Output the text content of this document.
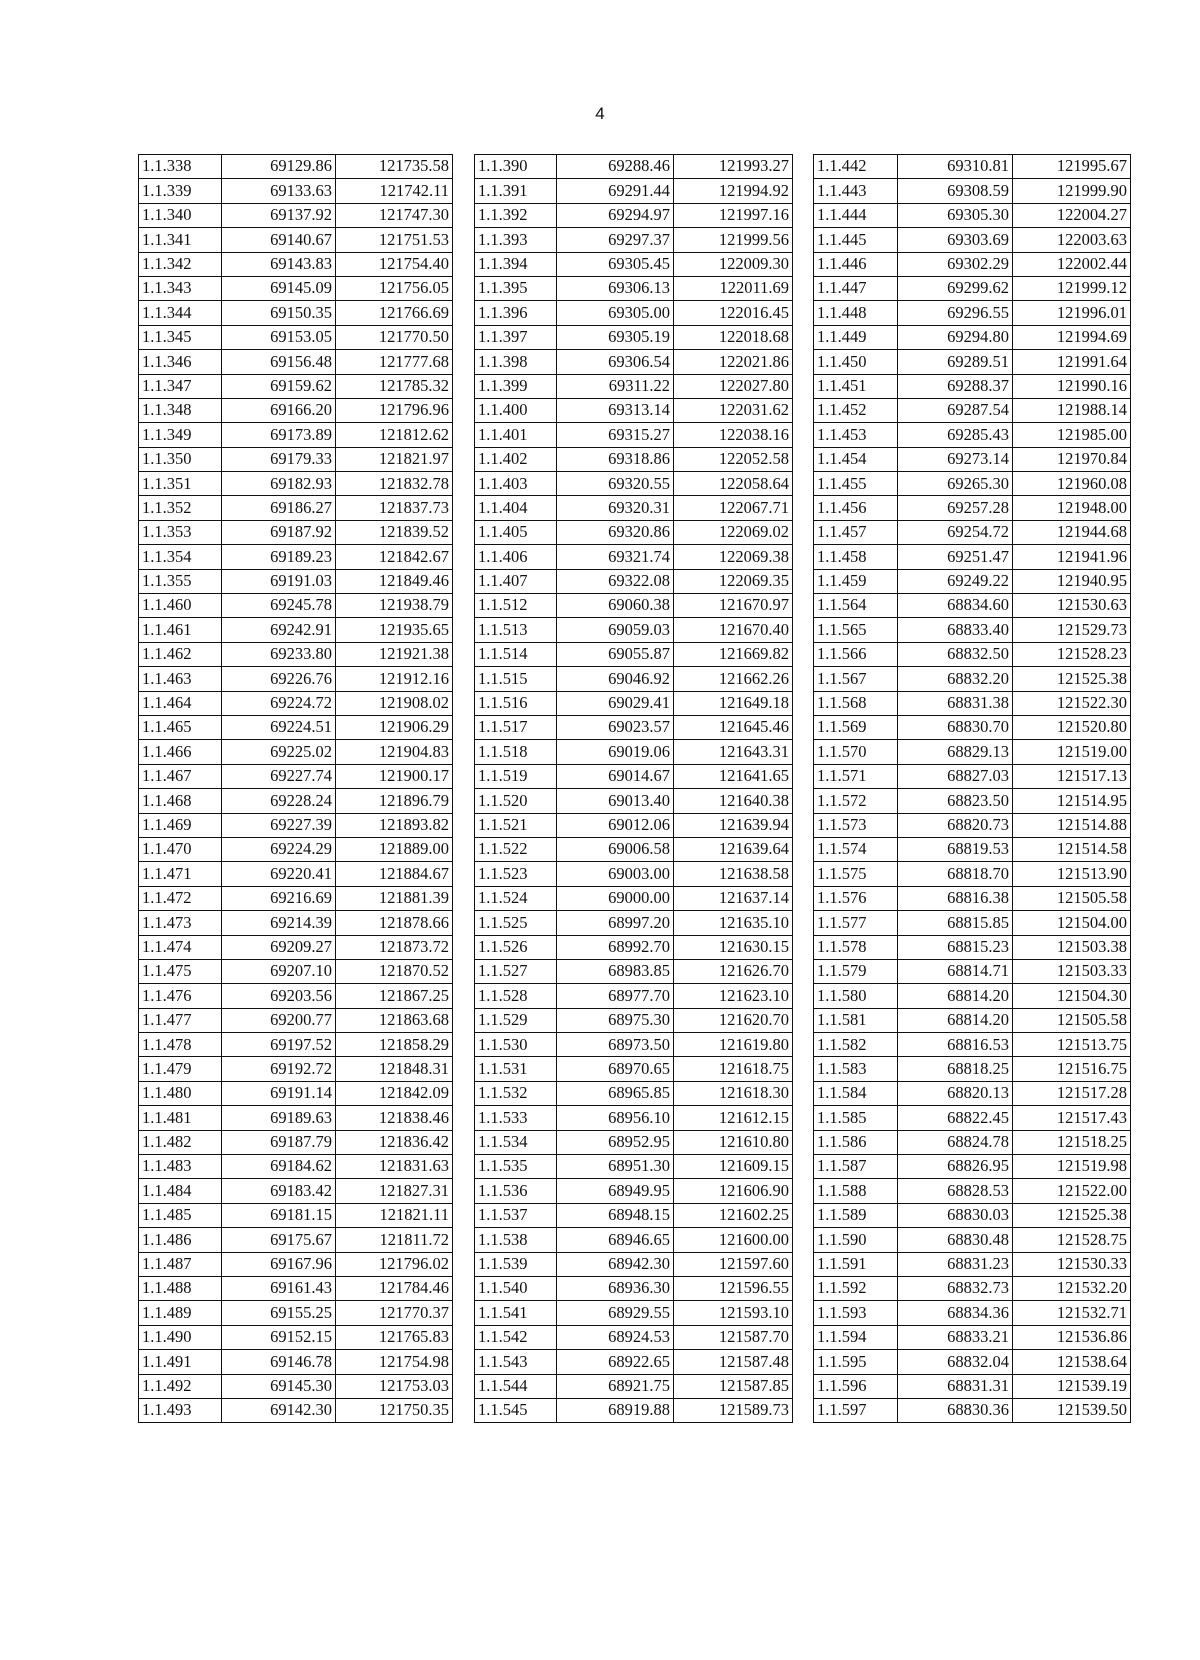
4
1.1.338	69129.86	121735.58
1.1.339	69133.63	121742.11
1.1.340	69137.92	121747.30
1.1.341	69140.67	121751.53
1.1.342	69143.83	121754.40
1.1.343	69145.09	121756.05
1.1.344	69150.35	121766.69
1.1.345	69153.05	121770.50
1.1.346	69156.48	121777.68
1.1.347	69159.62	121785.32
1.1.348	69166.20	121796.96
1.1.349	69173.89	121812.62
1.1.350	69179.33	121821.97
1.1.351	69182.93	121832.78
1.1.352	69186.27	121837.73
1.1.353	69187.92	121839.52
1.1.354	69189.23	121842.67
1.1.355	69191.03	121849.46
1.1.460	69245.78	121938.79
1.1.461	69242.91	121935.65
1.1.462	69233.80	121921.38
1.1.463	69226.76	121912.16
1.1.464	69224.72	121908.02
1.1.465	69224.51	121906.29
1.1.466	69225.02	121904.83
1.1.467	69227.74	121900.17
1.1.468	69228.24	121896.79
1.1.469	69227.39	121893.82
1.1.470	69224.29	121889.00
1.1.471	69220.41	121884.67
1.1.472	69216.69	121881.39
1.1.473	69214.39	121878.66
1.1.474	69209.27	121873.72
1.1.475	69207.10	121870.52
1.1.476	69203.56	121867.25
1.1.477	69200.77	121863.68
1.1.478	69197.52	121858.29
1.1.479	69192.72	121848.31
1.1.480	69191.14	121842.09
1.1.481	69189.63	121838.46
1.1.482	69187.79	121836.42
1.1.483	69184.62	121831.63
1.1.484	69183.42	121827.31
1.1.485	69181.15	121821.11
1.1.486	69175.67	121811.72
1.1.487	69167.96	121796.02
1.1.488	69161.43	121784.46
1.1.489	69155.25	121770.37
1.1.490	69152.15	121765.83
1.1.491	69146.78	121754.98
1.1.492	69145.30	121753.03
1.1.493	69142.30	121750.35
1.1.390	69288.46	121993.27
1.1.391	69291.44	121994.92
1.1.392	69294.97	121997.16
1.1.393	69297.37	121999.56
1.1.394	69305.45	122009.30
1.1.395	69306.13	122011.69
1.1.396	69305.00	122016.45
1.1.397	69305.19	122018.68
1.1.398	69306.54	122021.86
1.1.399	69311.22	122027.80
1.1.400	69313.14	122031.62
1.1.401	69315.27	122038.16
1.1.402	69318.86	122052.58
1.1.403	69320.55	122058.64
1.1.404	69320.31	122067.71
1.1.405	69320.86	122069.02
1.1.406	69321.74	122069.38
1.1.407	69322.08	122069.35
1.1.512	69060.38	121670.97
1.1.513	69059.03	121670.40
1.1.514	69055.87	121669.82
1.1.515	69046.92	121662.26
1.1.516	69029.41	121649.18
1.1.517	69023.57	121645.46
1.1.518	69019.06	121643.31
1.1.519	69014.67	121641.65
1.1.520	69013.40	121640.38
1.1.521	69012.06	121639.94
1.1.522	69006.58	121639.64
1.1.523	69003.00	121638.58
1.1.524	69000.00	121637.14
1.1.525	68997.20	121635.10
1.1.526	68992.70	121630.15
1.1.527	68983.85	121626.70
1.1.528	68977.70	121623.10
1.1.529	68975.30	121620.70
1.1.530	68973.50	121619.80
1.1.531	68970.65	121618.75
1.1.532	68965.85	121618.30
1.1.533	68956.10	121612.15
1.1.534	68952.95	121610.80
1.1.535	68951.30	121609.15
1.1.536	68949.95	121606.90
1.1.537	68948.15	121602.25
1.1.538	68946.65	121600.00
1.1.539	68942.30	121597.60
1.1.540	68936.30	121596.55
1.1.541	68929.55	121593.10
1.1.542	68924.53	121587.70
1.1.543	68922.65	121587.48
1.1.544	68921.75	121587.85
1.1.545	68919.88	121589.73
1.1.442	69310.81	121995.67
1.1.443	69308.59	121999.90
1.1.444	69305.30	122004.27
1.1.445	69303.69	122003.63
1.1.446	69302.29	122002.44
1.1.447	69299.62	121999.12
1.1.448	69296.55	121996.01
1.1.449	69294.80	121994.69
1.1.450	69289.51	121991.64
1.1.451	69288.37	121990.16
1.1.452	69287.54	121988.14
1.1.453	69285.43	121985.00
1.1.454	69273.14	121970.84
1.1.455	69265.30	121960.08
1.1.456	69257.28	121948.00
1.1.457	69254.72	121944.68
1.1.458	69251.47	121941.96
1.1.459	69249.22	121940.95
1.1.564	68834.60	121530.63
1.1.565	68833.40	121529.73
1.1.566	68832.50	121528.23
1.1.567	68832.20	121525.38
1.1.568	68831.38	121522.30
1.1.569	68830.70	121520.80
1.1.570	68829.13	121519.00
1.1.571	68827.03	121517.13
1.1.572	68823.50	121514.95
1.1.573	68820.73	121514.88
1.1.574	68819.53	121514.58
1.1.575	68818.70	121513.90
1.1.576	68816.38	121505.58
1.1.577	68815.85	121504.00
1.1.578	68815.23	121503.38
1.1.579	68814.71	121503.33
1.1.580	68814.20	121504.30
1.1.581	68814.20	121505.58
1.1.582	68816.53	121513.75
1.1.583	68818.25	121516.75
1.1.584	68820.13	121517.28
1.1.585	68822.45	121517.43
1.1.586	68824.78	121518.25
1.1.587	68826.95	121519.98
1.1.588	68828.53	121522.00
1.1.589	68830.03	121525.38
1.1.590	68830.48	121528.75
1.1.591	68831.23	121530.33
1.1.592	68832.73	121532.20
1.1.593	68834.36	121532.71
1.1.594	68833.21	121536.86
1.1.595	68832.04	121538.64
1.1.596	68831.31	121539.19
1.1.597	68830.36	121539.50
